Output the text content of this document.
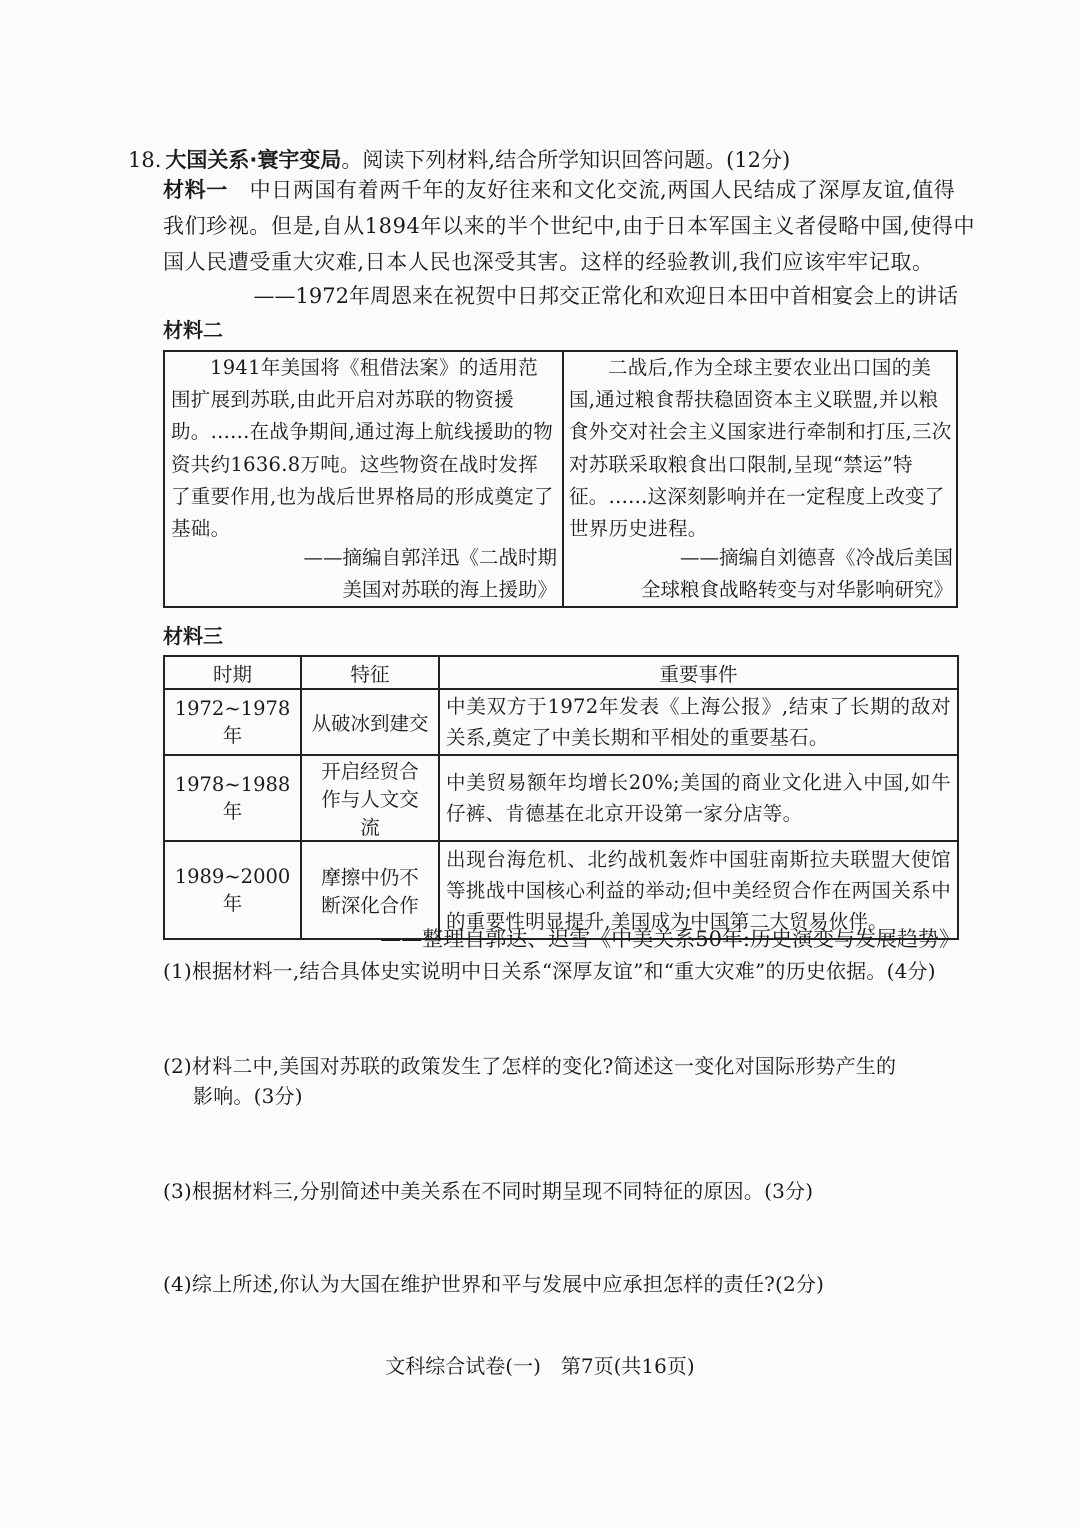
18. 大国关系·寰宇变局。阅读下列材料,结合所学知识回答问题。(12分)
材料一 中日两国有着两千年的友好往来和文化交流,两国人民结成了深厚友谊,值得
我们珍视。但是,自从1894年以来的半个世纪中,由于日本军国主义者侵略中国,使得中
国人民遭受重大灾难,日本人民也深受其害。这样的经验教训,我们应该牢牢记取。
——1972年周恩来在祝贺中日邦交正常化和欢迎日本田中首相宴会上的讲话
材料二
1941年美国将《租借法案》的适用范围扩展到苏联,由此开启对苏联的物资援助。......在战争期间,通过海上航线援助的物资共约1636.8万吨。这些物资在战时发挥了重要作用,也为战后世界格局的形成奠定了基础。
——摘编自郭洋迅《二战时期
美国对苏联的海上援助》
二战后,作为全球主要农业出口国的美国,通过粮食帮扶稳固资本主义联盟,并以粮食外交对社会主义国家进行牵制和打压,三次对苏联采取粮食出口限制,呈现“禁运”特征。......这深刻影响并在一定程度上改变了世界历史进程。
——摘编自刘德喜《冷战后美国
全球粮食战略转变与对华影响研究》
材料三
时期	特征	重要事件
1972~1978年	从破冰到建交	中美双方于1972年发表《上海公报》,结束了长期的敌对关系,奠定了中美长期和平相处的重要基石。
1978~1988年	开启经贸合作与人文交流	中美贸易额年均增长20%;美国的商业文化进入中国,如牛仔裤、肯德基在北京开设第一家分店等。
1989~2000年	摩擦中仍不断深化合作	出现台海危机、北约战机轰炸中国驻南斯拉夫联盟大使馆等挑战中国核心利益的举动;但中美经贸合作在两国关系中的重要性明显提升,美国成为中国第二大贸易伙伴。
——整理自郭达、迟雪《中美关系50年:历史演变与发展趋势》
(1)根据材料一,结合具体史实说明中日关系“深厚友谊”和“重大灾难”的历史依据。(4分)
(2)材料二中,美国对苏联的政策发生了怎样的变化?简述这一变化对国际形势产生的
影响。(3分)
(3)根据材料三,分别简述中美关系在不同时期呈现不同特征的原因。(3分)
(4)综上所述,你认为大国在维护世界和平与发展中应承担怎样的责任?(2分)
文科综合试卷(一)　第7页(共16页)
